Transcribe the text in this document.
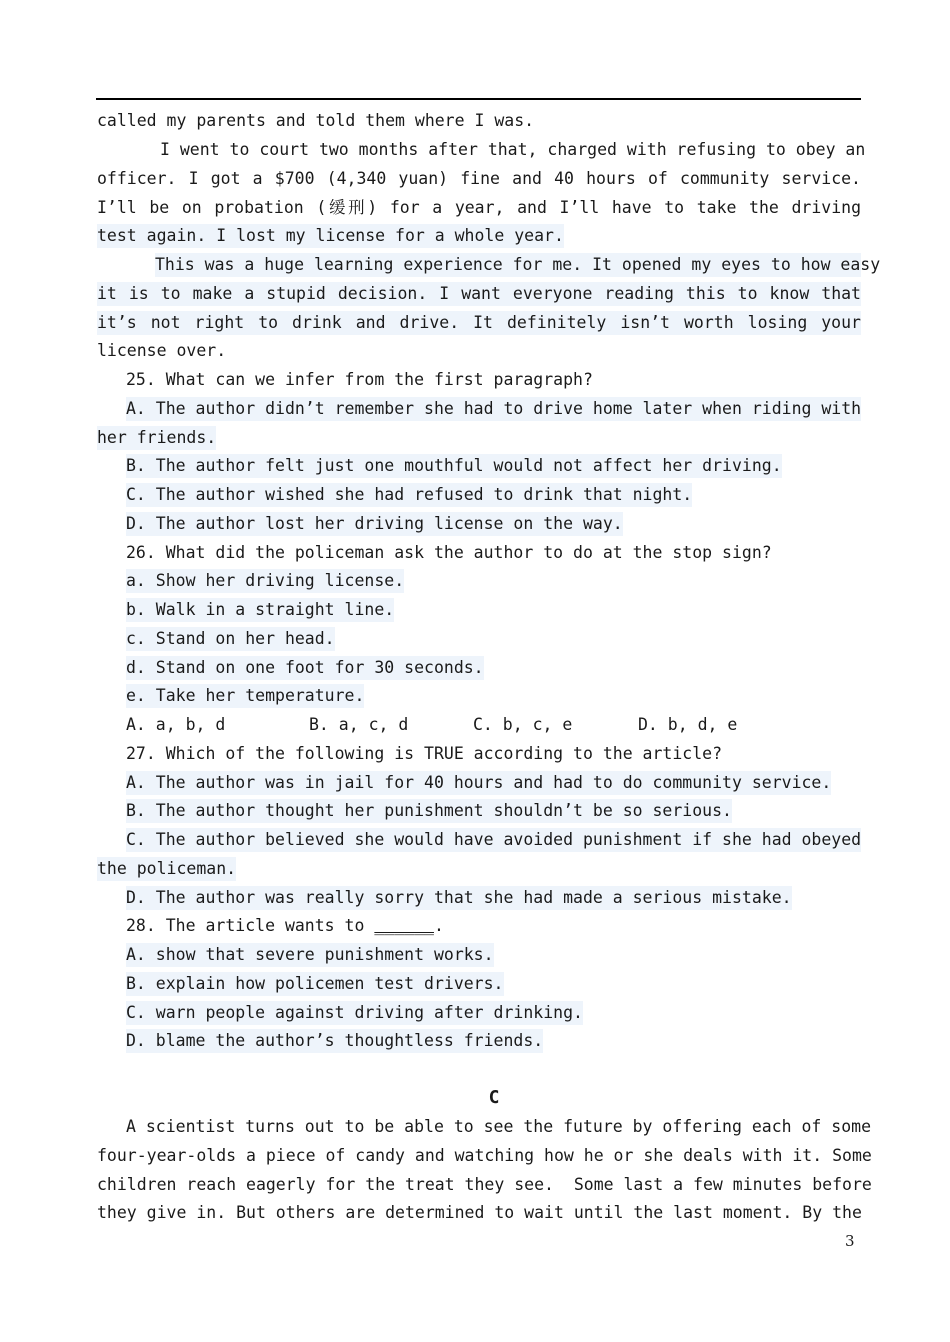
called my parents and told them where I was.
I went to court two months after that, charged with refusing to obey an
officer. I got a $700 (4,340 yuan) fine and 40 hours of community service.
I’ll be on probation (缓刑) for a year, and I’ll have to take the driving
test again. I lost my license for a whole year.
This was a huge learning experience for me. It opened my eyes to how easy
it is to make a stupid decision. I want everyone reading this to know that
it’s not right to drink and drive. It definitely isn’t worth losing your
license over.
25. What can we infer from the first paragraph?
A. The author didn’t remember she had to drive home later when riding with
her friends.
B. The author felt just one mouthful would not affect her driving.
C. The author wished she had refused to drink that night.
D. The author lost her driving license on the way.
26. What did the policeman ask the author to do at the stop sign?
a. Show her driving license.
b. Walk in a straight line.
c. Stand on her head.
d. Stand on one foot for 30 seconds.
e. Take her temperature.

A. a, b, d

	B. a, c, d

	C. b, c, e

	D. b, d, e

27. Which of the following is TRUE according to the article?
A. The author was in jail for 40 hours and had to do community service.
B. The author thought her punishment shouldn’t be so serious.
C. The author believed she would have avoided punishment if she had obeyed
the policeman.
D. The author was really sorry that she had made a serious mistake.
28. The article wants to ______.
A. show that severe punishment works.
B. explain how policemen test drivers.
C. warn people against driving after drinking.
D. blame the author’s thoughtless friends.
C
A scientist turns out to be able to see the future by offering each of some
four-year-olds a piece of candy and watching how he or she deals with it. Some
children reach eagerly for the treat they see.  Some last a few minutes before
they give in. But others are determined to wait until the last moment. By the
3
